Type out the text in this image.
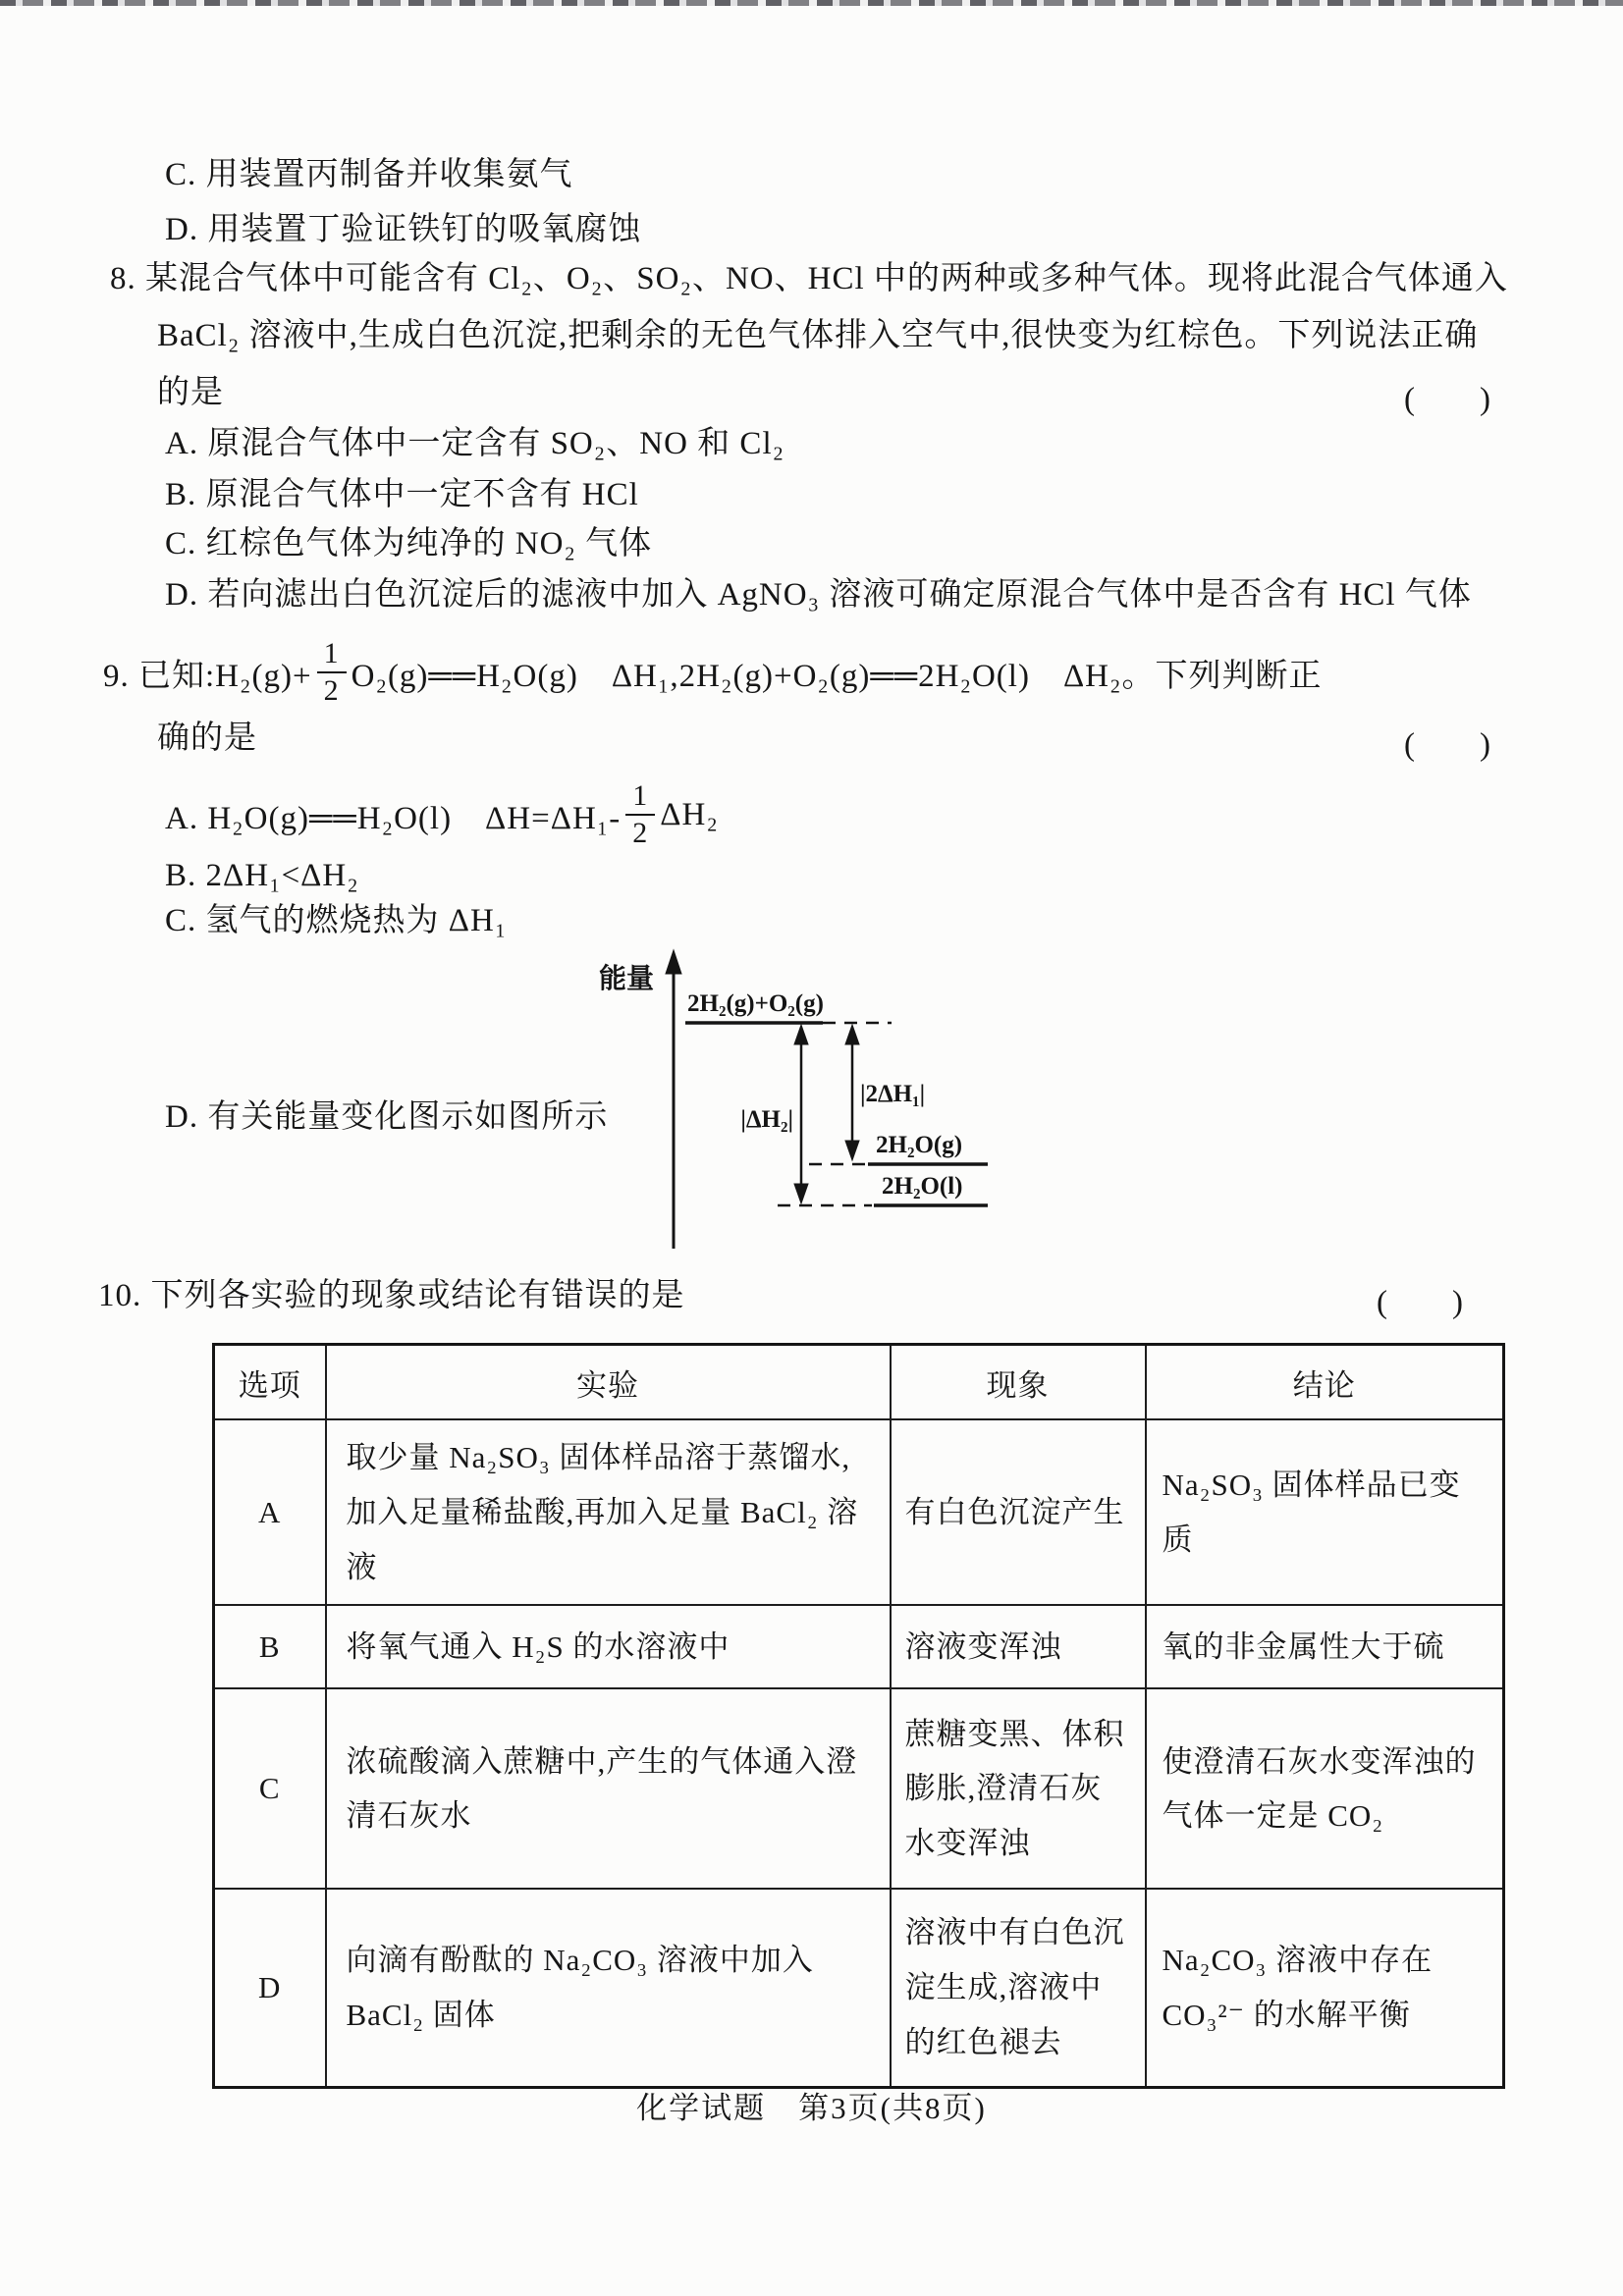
C. 用装置丙制备并收集氨气
D. 用装置丁验证铁钉的吸氧腐蚀
8. 某混合气体中可能含有 Cl₂、O₂、SO₂、NO、HCl 中的两种或多种气体。现将此混合气体通入
BaCl₂ 溶液中,生成白色沉淀,把剩余的无色气体排入空气中,很快变为红棕色。下列说法正确
的是	(　　)
A. 原混合气体中一定含有 SO₂、NO 和 Cl₂
B. 原混合气体中一定不含有 HCl
C. 红棕色气体为纯净的 NO₂ 气体
D. 若向滤出白色沉淀后的滤液中加入 AgNO₃ 溶液可确定原混合气体中是否含有 HCl 气体
9. 已知:H₂(g)+ $\frac{1}{2}$ O₂(g)══H₂O(g)　ΔH₁,2H₂(g)+O₂(g)══2H₂O(l)　ΔH₂。下列判断正
确的是	(　　)
A. H₂O(g)══H₂O(l)　$\Delta H=\Delta H_1- \frac{1}{2} \Delta H_2$
B. 2ΔH₁<ΔH₂
C. 氢气的燃烧热为 ΔH₁
D. 有关能量变化图示如图所示
能量
2H₂(g)+O₂(g)
|ΔH₂|
|2ΔH₁|
2H₂O(g)
2H₂O(l)
10. 下列各实验的现象或结论有错误的是	(　　)
选项	实验	现象	结论
A	取少量 Na₂SO₃ 固体样品溶于蒸馏水,加入足量稀盐酸,再加入足量 BaCl₂ 溶液	有白色沉淀产生	Na₂SO₃ 固体样品已变质
B	将氧气通入 H₂S 的水溶液中	溶液变浑浊	氧的非金属性大于硫
C	浓硫酸滴入蔗糖中,产生的气体通入澄清石灰水	蔗糖变黑、体积膨胀,澄清石灰水变浑浊	使澄清石灰水变浑浊的气体一定是 CO₂
D	向滴有酚酞的 Na₂CO₃ 溶液中加入 BaCl₂ 固体	溶液中有白色沉淀生成,溶液中的红色褪去	Na₂CO₃ 溶液中存在 CO₃²⁻ 的水解平衡
化学试题　第3页(共8页)
